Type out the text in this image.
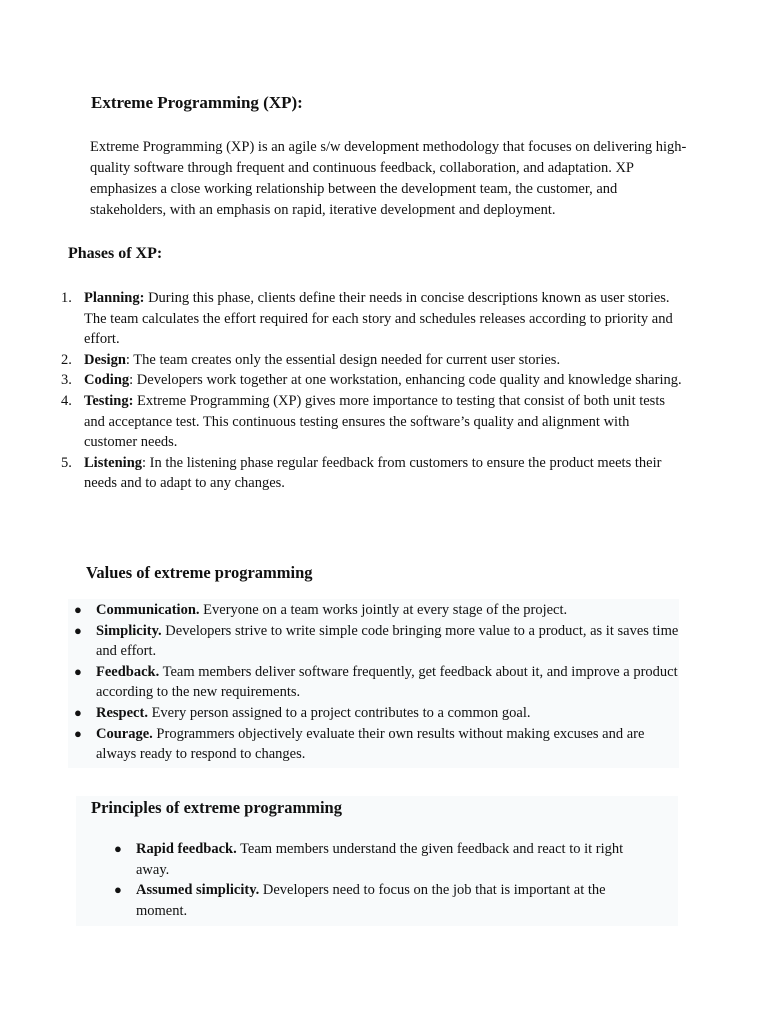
Extreme Programming (XP):

Extreme Programming (XP) is an agile s/w development methodology that focuses on delivering high-quality software through frequent and continuous feedback, collaboration, and adaptation. XP emphasizes a close working relationship between the development team, the customer, and stakeholders, with an emphasis on rapid, iterative development and deployment.

Phases of XP:
1. Planning: During this phase, clients define their needs in concise descriptions known as user stories. The team calculates the effort required for each story and schedules releases according to priority and effort.
2. Design: The team creates only the essential design needed for current user stories.
3. Coding: Developers work together at one workstation, enhancing code quality and knowledge sharing.
4. Testing: Extreme Programming (XP) gives more importance to testing that consist of both unit tests and acceptance test. This continuous testing ensures the software’s quality and alignment with customer needs.
5. Listening: In the listening phase regular feedback from customers to ensure the product meets their needs and to adapt to any changes.
Values of extreme programming
● Communication. Everyone on a team works jointly at every stage of the project.
● Simplicity. Developers strive to write simple code bringing more value to a product, as it saves time and effort.
● Feedback. Team members deliver software frequently, get feedback about it, and improve a product according to the new requirements.
● Respect. Every person assigned to a project contributes to a common goal.
● Courage. Programmers objectively evaluate their own results without making excuses and are always ready to respond to changes.
Principles of extreme programming
● Rapid feedback. Team members understand the given feedback and react to it right away.
● Assumed simplicity. Developers need to focus on the job that is important at the moment.
